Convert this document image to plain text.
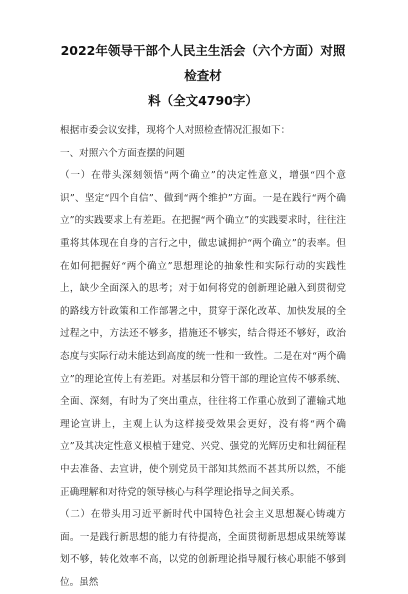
2022年领导干部个人民主生活会（六个方面）对照检查材
料（全文4790字）

根据市委会议安排，现将个人对照检查情况汇报如下：

一、对照六个方面查摆的问题

（一）在带头深刻领悟“两个确立”的决定性意义，增强“四个意识”、坚定“四个自信”、做到“两个维护”方面。一是在践行“两个确立”的实践要求上有差距。在把握“两个确立”的实践要求时，往往注重将其体现在自身的言行之中，做忠诚拥护“两个确立”的表率。但在如何把握好“两个确立”思想理论的抽象性和实际行动的实践性上，缺少全面深入的思考；对于如何将党的创新理论融入到贯彻党的路线方针政策和工作部署之中，贯穿于深化改革、加快发展的全过程之中，方法还不够多，措施还不够实，结合得还不够好，政治态度与实际行动未能达到高度的统一性和一致性。二是在对“两个确立”的理论宣传上有差距。对基层和分管干部的理论宣传不够系统、全面、深刻，有时为了突出重点，往往将工作重心放到了灌输式地理论宣讲上，主观上认为这样接受效果会更好，没有将“两个确立”及其决定性意义根植于建党、兴党、强党的光辉历史和壮阔征程中去准备、去宣讲，使个别党员干部知其然而不甚其所以然，不能正确理解和对待党的领导核心与科学理论指导之间关系。

（二）在带头用习近平新时代中国特色社会主义思想凝心铸魂方面。一是践行新思想的能力有待提高，全面贯彻新思想成果统筹谋划不够，转化效率不高，以党的创新理论指导履行核心职能不够到位。虽然
